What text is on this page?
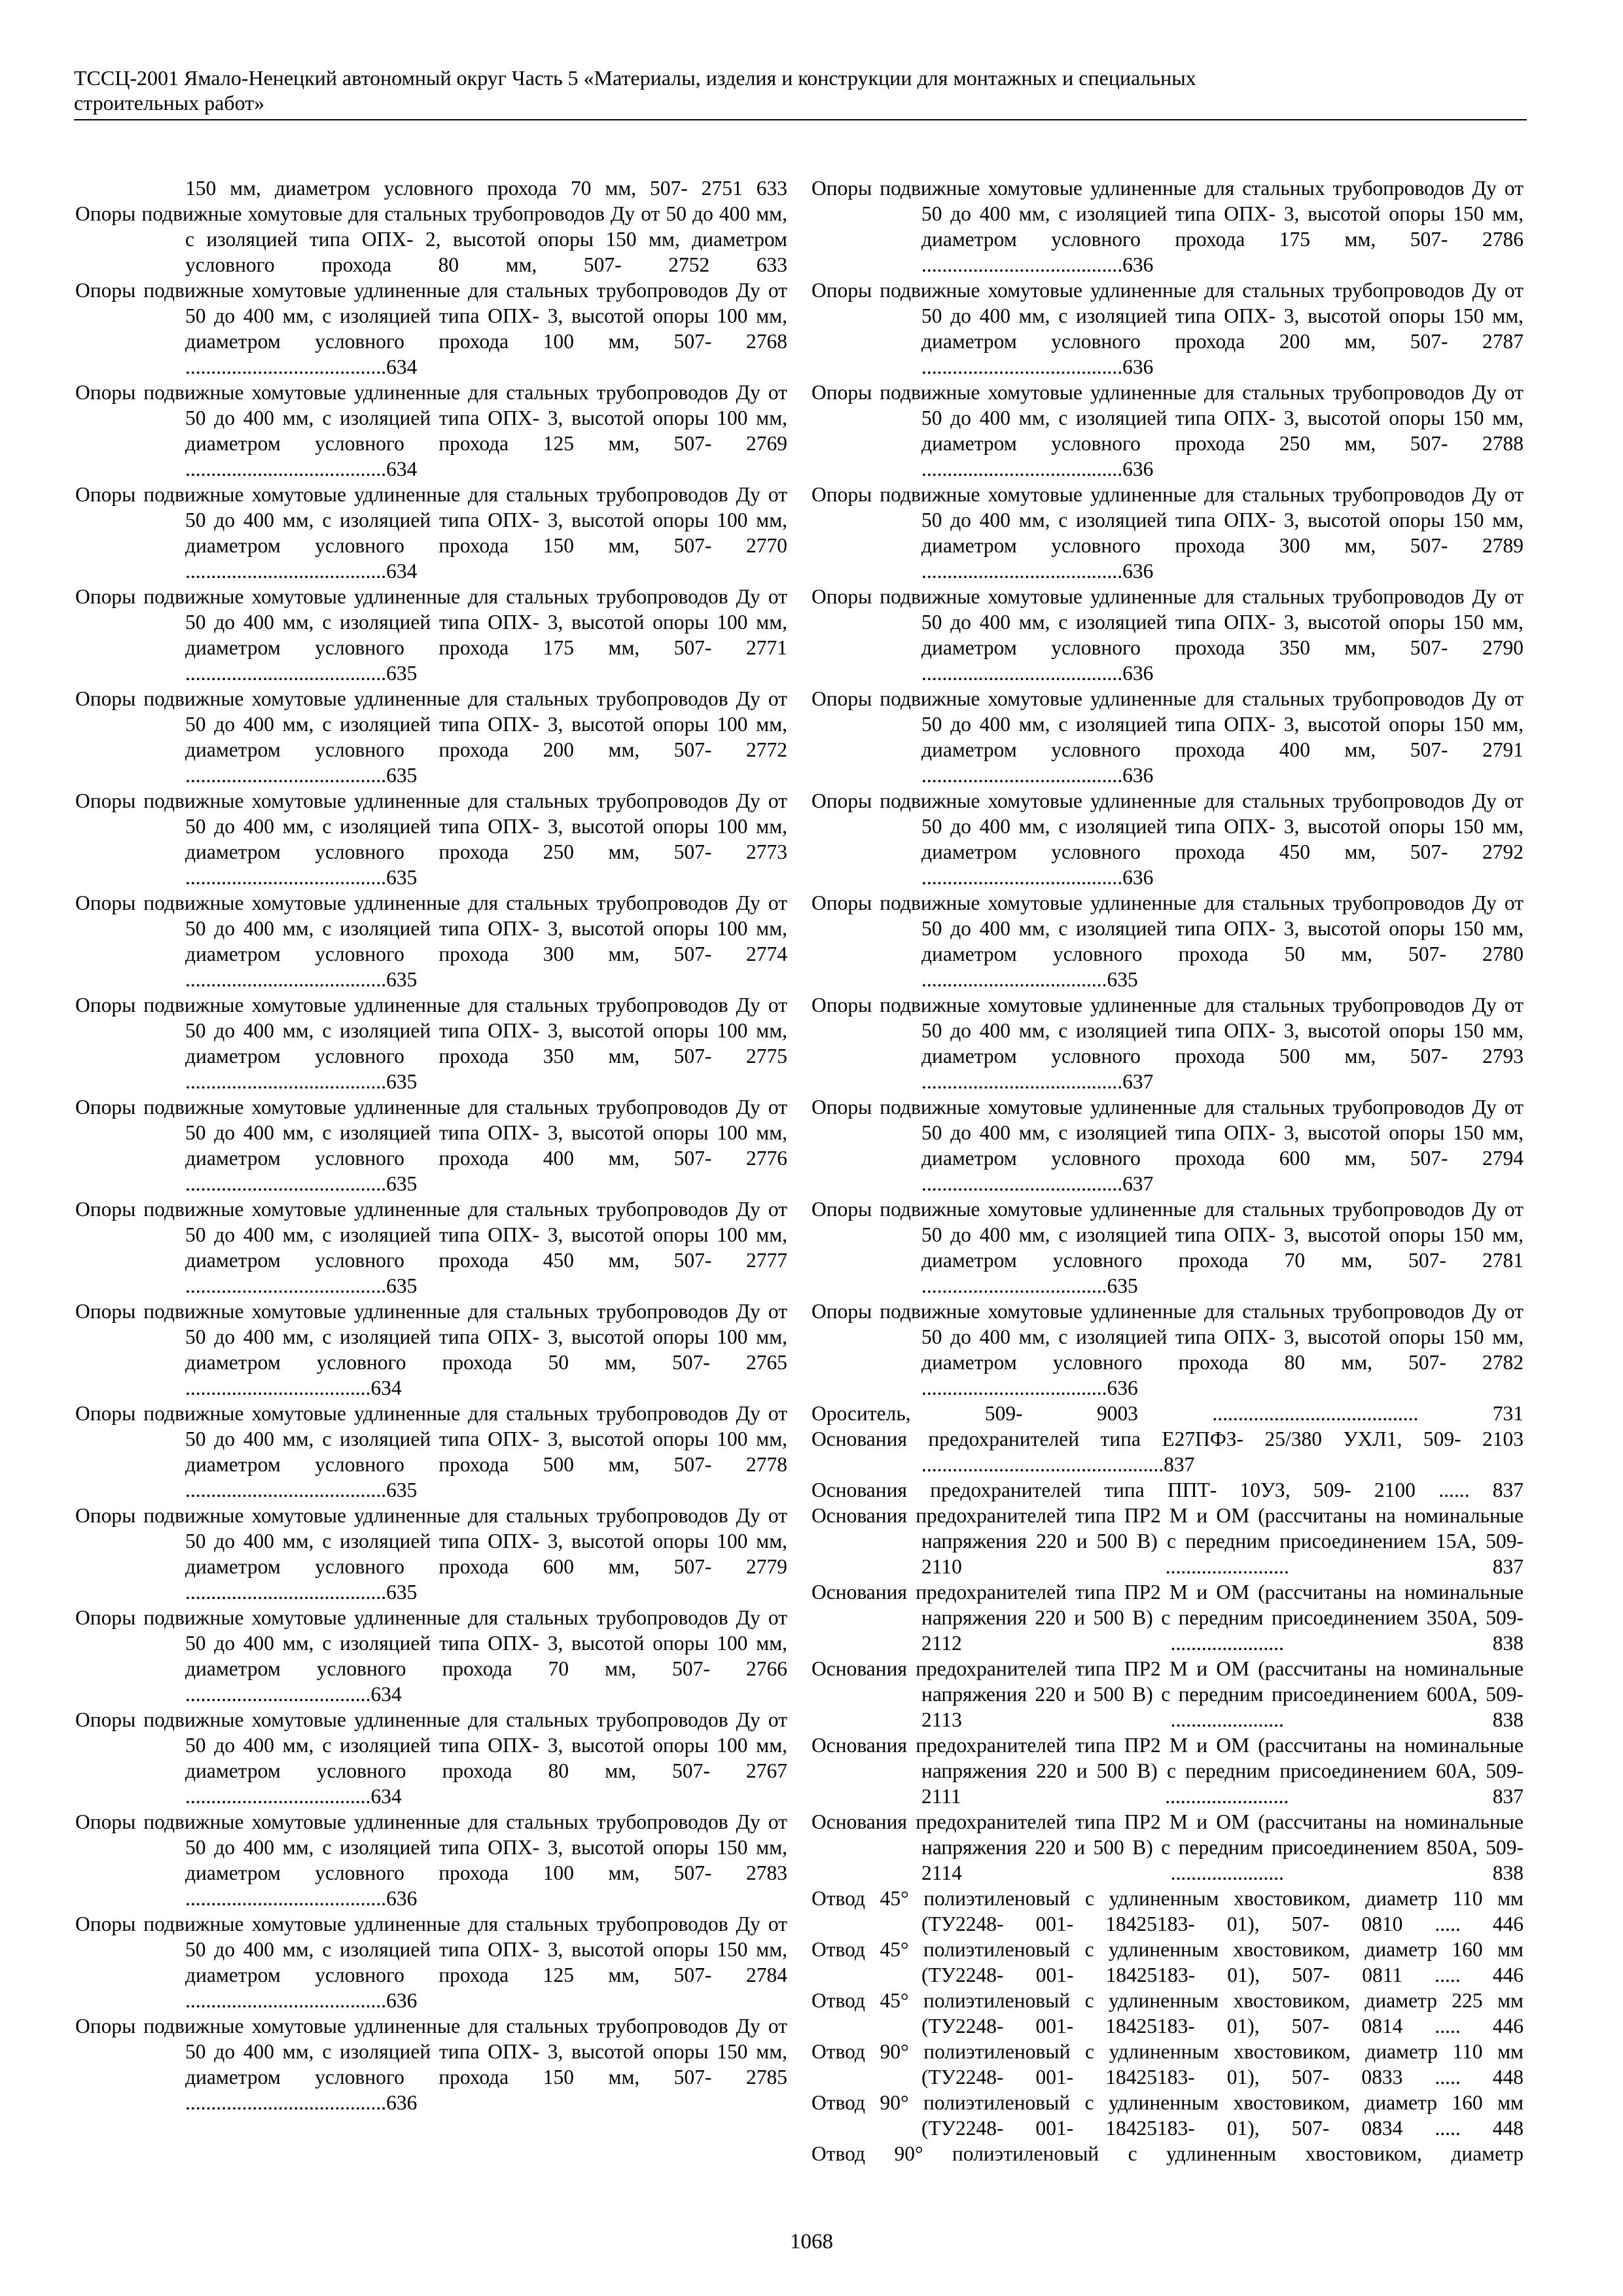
ТССЦ-2001 Ямало-Ненецкий автономный округ Часть 5 «Материалы, изделия и конструкции для монтажных и специальных
строительных работ»

150 мм, диаметром условного прохода 70 мм, 507- 2751 633

Опоры подвижные хомутовые для стальных трубопроводов Ду от 50 до 400 мм, с изоляцией типа ОПХ- 2, высотой опоры 150 мм, диаметром условного прохода 80 мм, 507- 2752 633

Опоры подвижные хомутовые удлиненные для стальных трубопроводов Ду от 50 до 400 мм, с изоляцией типа ОПХ- 3, высотой опоры 100 мм, диаметром условного прохода 100 мм, 507- 2768 .......................................634

Опоры подвижные хомутовые удлиненные для стальных трубопроводов Ду от 50 до 400 мм, с изоляцией типа ОПХ- 3, высотой опоры 100 мм, диаметром условного прохода 125 мм, 507- 2769 .......................................634

Опоры подвижные хомутовые удлиненные для стальных трубопроводов Ду от 50 до 400 мм, с изоляцией типа ОПХ- 3, высотой опоры 100 мм, диаметром условного прохода 150 мм, 507- 2770 .......................................634

Опоры подвижные хомутовые удлиненные для стальных трубопроводов Ду от 50 до 400 мм, с изоляцией типа ОПХ- 3, высотой опоры 100 мм, диаметром условного прохода 175 мм, 507- 2771 .......................................635

Опоры подвижные хомутовые удлиненные для стальных трубопроводов Ду от 50 до 400 мм, с изоляцией типа ОПХ- 3, высотой опоры 100 мм, диаметром условного прохода 200 мм, 507- 2772 .......................................635

Опоры подвижные хомутовые удлиненные для стальных трубопроводов Ду от 50 до 400 мм, с изоляцией типа ОПХ- 3, высотой опоры 100 мм, диаметром условного прохода 250 мм, 507- 2773 .......................................635

Опоры подвижные хомутовые удлиненные для стальных трубопроводов Ду от 50 до 400 мм, с изоляцией типа ОПХ- 3, высотой опоры 100 мм, диаметром условного прохода 300 мм, 507- 2774 .......................................635

Опоры подвижные хомутовые удлиненные для стальных трубопроводов Ду от 50 до 400 мм, с изоляцией типа ОПХ- 3, высотой опоры 100 мм, диаметром условного прохода 350 мм, 507- 2775 .......................................635

Опоры подвижные хомутовые удлиненные для стальных трубопроводов Ду от 50 до 400 мм, с изоляцией типа ОПХ- 3, высотой опоры 100 мм, диаметром условного прохода 400 мм, 507- 2776 .......................................635

Опоры подвижные хомутовые удлиненные для стальных трубопроводов Ду от 50 до 400 мм, с изоляцией типа ОПХ- 3, высотой опоры 100 мм, диаметром условного прохода 450 мм, 507- 2777 .......................................635

Опоры подвижные хомутовые удлиненные для стальных трубопроводов Ду от 50 до 400 мм, с изоляцией типа ОПХ- 3, высотой опоры 100 мм, диаметром условного прохода 50 мм, 507- 2765 ....................................634

Опоры подвижные хомутовые удлиненные для стальных трубопроводов Ду от 50 до 400 мм, с изоляцией типа ОПХ- 3, высотой опоры 100 мм, диаметром условного прохода 500 мм, 507- 2778 .......................................635

Опоры подвижные хомутовые удлиненные для стальных трубопроводов Ду от 50 до 400 мм, с изоляцией типа ОПХ- 3, высотой опоры 100 мм, диаметром условного прохода 600 мм, 507- 2779 .......................................635

Опоры подвижные хомутовые удлиненные для стальных трубопроводов Ду от 50 до 400 мм, с изоляцией типа ОПХ- 3, высотой опоры 100 мм, диаметром условного прохода 70 мм, 507- 2766 ....................................634

Опоры подвижные хомутовые удлиненные для стальных трубопроводов Ду от 50 до 400 мм, с изоляцией типа ОПХ- 3, высотой опоры 100 мм, диаметром условного прохода 80 мм, 507- 2767 ....................................634

Опоры подвижные хомутовые удлиненные для стальных трубопроводов Ду от 50 до 400 мм, с изоляцией типа ОПХ- 3, высотой опоры 150 мм, диаметром условного прохода 100 мм, 507- 2783 .......................................636

Опоры подвижные хомутовые удлиненные для стальных трубопроводов Ду от 50 до 400 мм, с изоляцией типа ОПХ- 3, высотой опоры 150 мм, диаметром условного прохода 125 мм, 507- 2784 .......................................636

Опоры подвижные хомутовые удлиненные для стальных трубопроводов Ду от 50 до 400 мм, с изоляцией типа ОПХ- 3, высотой опоры 150 мм, диаметром условного прохода 150 мм, 507- 2785 .......................................636

Опоры подвижные хомутовые удлиненные для стальных трубопроводов Ду от 50 до 400 мм, с изоляцией типа ОПХ- 3, высотой опоры 150 мм, диаметром условного прохода 175 мм, 507- 2786 .......................................636

Опоры подвижные хомутовые удлиненные для стальных трубопроводов Ду от 50 до 400 мм, с изоляцией типа ОПХ- 3, высотой опоры 150 мм, диаметром условного прохода 200 мм, 507- 2787 .......................................636

Опоры подвижные хомутовые удлиненные для стальных трубопроводов Ду от 50 до 400 мм, с изоляцией типа ОПХ- 3, высотой опоры 150 мм, диаметром условного прохода 250 мм, 507- 2788 .......................................636

Опоры подвижные хомутовые удлиненные для стальных трубопроводов Ду от 50 до 400 мм, с изоляцией типа ОПХ- 3, высотой опоры 150 мм, диаметром условного прохода 300 мм, 507- 2789 .......................................636

Опоры подвижные хомутовые удлиненные для стальных трубопроводов Ду от 50 до 400 мм, с изоляцией типа ОПХ- 3, высотой опоры 150 мм, диаметром условного прохода 350 мм, 507- 2790 .......................................636

Опоры подвижные хомутовые удлиненные для стальных трубопроводов Ду от 50 до 400 мм, с изоляцией типа ОПХ- 3, высотой опоры 150 мм, диаметром условного прохода 400 мм, 507- 2791 .......................................636

Опоры подвижные хомутовые удлиненные для стальных трубопроводов Ду от 50 до 400 мм, с изоляцией типа ОПХ- 3, высотой опоры 150 мм, диаметром условного прохода 450 мм, 507- 2792 .......................................636

Опоры подвижные хомутовые удлиненные для стальных трубопроводов Ду от 50 до 400 мм, с изоляцией типа ОПХ- 3, высотой опоры 150 мм, диаметром условного прохода 50 мм, 507- 2780 ....................................635

Опоры подвижные хомутовые удлиненные для стальных трубопроводов Ду от 50 до 400 мм, с изоляцией типа ОПХ- 3, высотой опоры 150 мм, диаметром условного прохода 500 мм, 507- 2793 .......................................637

Опоры подвижные хомутовые удлиненные для стальных трубопроводов Ду от 50 до 400 мм, с изоляцией типа ОПХ- 3, высотой опоры 150 мм, диаметром условного прохода 600 мм, 507- 2794 .......................................637

Опоры подвижные хомутовые удлиненные для стальных трубопроводов Ду от 50 до 400 мм, с изоляцией типа ОПХ- 3, высотой опоры 150 мм, диаметром условного прохода 70 мм, 507- 2781 ....................................635

Опоры подвижные хомутовые удлиненные для стальных трубопроводов Ду от 50 до 400 мм, с изоляцией типа ОПХ- 3, высотой опоры 150 мм, диаметром условного прохода 80 мм, 507- 2782 ....................................636

Ороситель, 509- 9003 ........................................ 731

Основания предохранителей типа Е27ПФЗ- 25/380 УХЛ1, 509- 2103 ...............................................837

Основания предохранителей типа ППТ- 10УЗ, 509- 2100 ...... 837

Основания предохранителей типа ПР2 М и ОМ (рассчитаны на номинальные напряжения 220 и 500 В) с передним присоединением 15А, 509- 2110 ........................ 837

Основания предохранителей типа ПР2 М и ОМ (рассчитаны на номинальные напряжения 220 и 500 В) с передним присоединением 350А, 509- 2112 ...................... 838

Основания предохранителей типа ПР2 М и ОМ (рассчитаны на номинальные напряжения 220 и 500 В) с передним присоединением 600А, 509- 2113 ...................... 838

Основания предохранителей типа ПР2 М и ОМ (рассчитаны на номинальные напряжения 220 и 500 В) с передним присоединением 60А, 509- 2111 ........................ 837

Основания предохранителей типа ПР2 М и ОМ (рассчитаны на номинальные напряжения 220 и 500 В) с передним присоединением 850А, 509- 2114 ...................... 838

Отвод 45° полиэтиленовый с удлиненным хвостовиком, диаметр 110 мм (ТУ2248- 001- 18425183- 01), 507- 0810 ..... 446

Отвод 45° полиэтиленовый с удлиненным хвостовиком, диаметр 160 мм (ТУ2248- 001- 18425183- 01), 507- 0811 ..... 446

Отвод 45° полиэтиленовый с удлиненным хвостовиком, диаметр 225 мм (ТУ2248- 001- 18425183- 01), 507- 0814 ..... 446

Отвод 90° полиэтиленовый с удлиненным хвостовиком, диаметр 110 мм (ТУ2248- 001- 18425183- 01), 507- 0833 ..... 448

Отвод 90° полиэтиленовый с удлиненным хвостовиком, диаметр 160 мм (ТУ2248- 001- 18425183- 01), 507- 0834 ..... 448

Отвод 90° полиэтиленовый с удлиненным хвостовиком, диаметр

1068
